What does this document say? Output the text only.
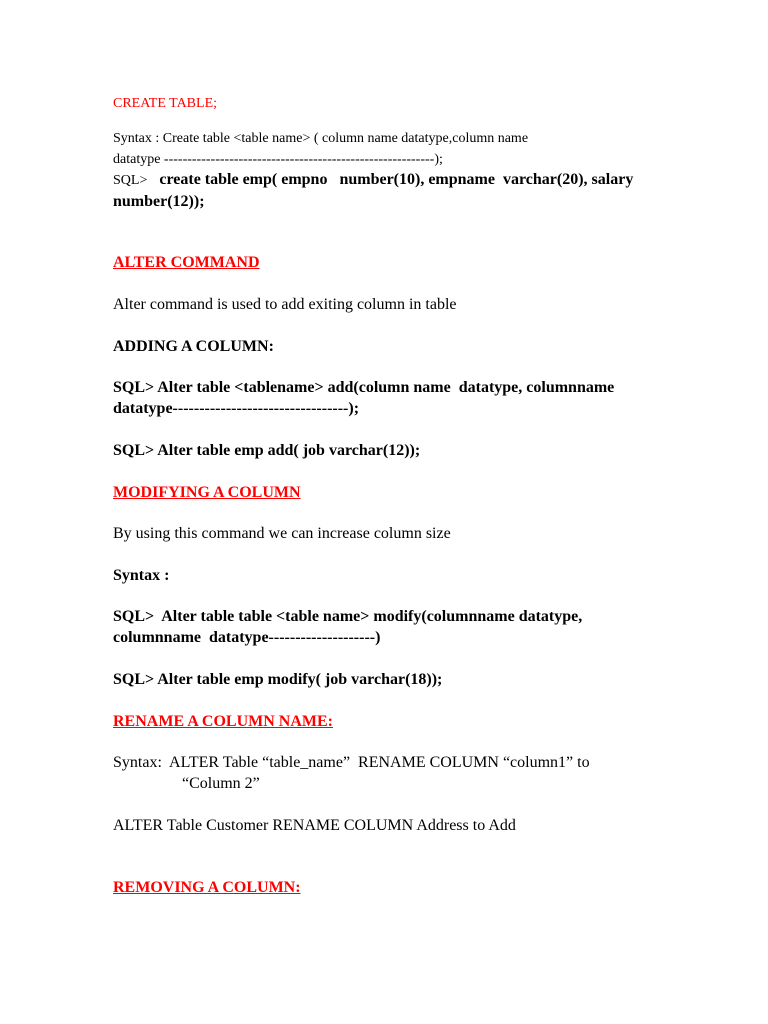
CREATE TABLE;
Syntax : Create table <table name> ( column name datatype,column name
datatype ----------------------------------------------------------);
SQL> create table emp( empno   number(10), empname  varchar(20), salary
number(12));
ALTER COMMAND
Alter command is used to add exiting column in table
ADDING A COLUMN:
SQL> Alter table <tablename> add(column name  datatype, columnname
datatype---------------------------------);
SQL> Alter table emp add( job varchar(12));
MODIFYING A COLUMN
By using this command we can increase column size
Syntax :
SQL>  Alter table table <table name> modify(columnname datatype,
columnname  datatype--------------------)
SQL> Alter table emp modify( job varchar(18));
RENAME A COLUMN NAME:
Syntax:  ALTER Table “table_name”  RENAME COLUMN “column1” to
“Column 2”
ALTER Table Customer RENAME COLUMN Address to Add
REMOVING A COLUMN:
